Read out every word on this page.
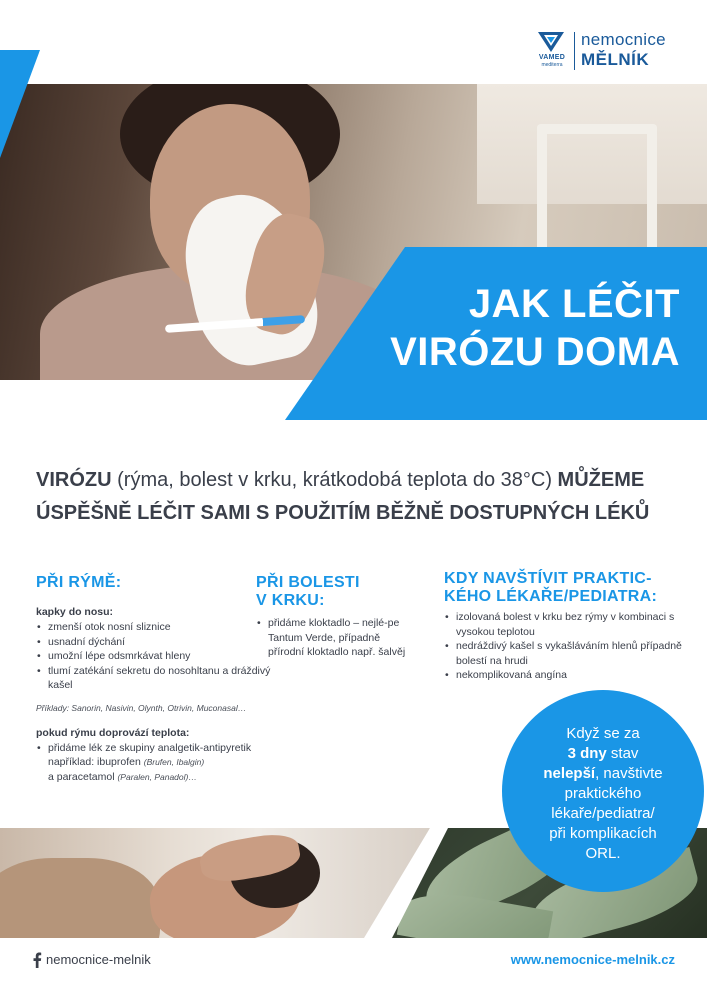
VAMED
mediterra
nemocnice
MĚLNÍK
JAK LÉČIT
VIRÓZU DOMA
VIRÓZU (rýma, bolest v krku, krátkodobá teplota do 38°C) MŮŽEME ÚSPĚŠNĚ LÉČIT SAMI S POUŽITÍM BĚŽNĚ DOSTUPNÝCH LÉKŮ
PŘI RÝMĚ:
kapky do nosu:
• zmenší otok nosní sliznice
• usnadní dýchání
• umožní lépe odsmrkávat hleny
• tlumí zatékání sekretu do nosohltanu a dráždivý kašel
Příklady: Sanorin, Nasivin, Olynth, Otrivin, Muconasal…
pokud rýmu doprovází teplota:
• přidáme lék ze skupiny analgetik-antipyretik
například: ibuprofen (Brufen, Ibalgin)
a paracetamol (Paralen, Panadol)…
PŘI BOLESTI
V KRKU:
• přidáme kloktadlo – nejlé-pe Tantum Verde, případně přírodní kloktadlo např. šalvěj
KDY NAVŠTÍVIT PRAKTIC-
KÉHO LÉKAŘE/PEDIATRA:
• izolovaná bolest v krku bez rýmy v kombinaci s vysokou teplotou
• nedráždivý kašel s vykašláváním hlenů případně bolestí na hrudi
• nekomplikovaná angína
Když se za
3 dny stav
nelepší, navštivte
praktického
lékaře/pediatra/
při komplikacích
ORL.
nemocnice-melnik	www.nemocnice-melnik.cz
